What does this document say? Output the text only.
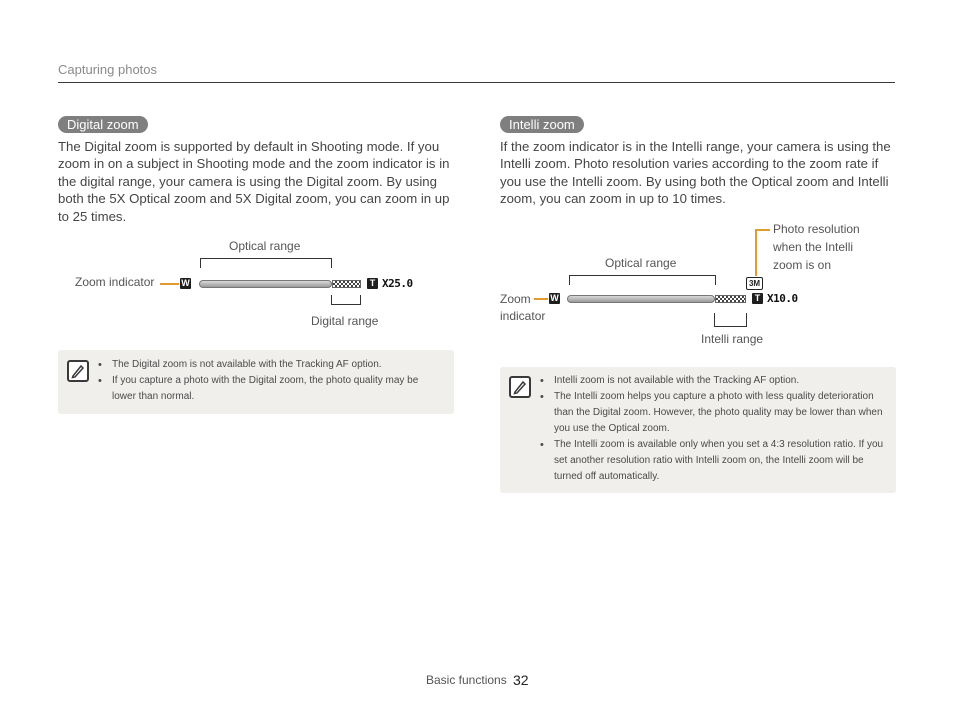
Capturing photos
Digital zoom
The Digital zoom is supported by default in Shooting mode. If you zoom in on a subject in Shooting mode and the zoom indicator is in the digital range, your camera is using the Digital zoom. By using both the 5X Optical zoom and 5X Digital zoom, you can zoom in up to 25 times.
Optical range
Zoom indicator	W	T X25.0
Digital range
• The Digital zoom is not available with the Tracking AF option.
• If you capture a photo with the Digital zoom, the photo quality may be lower than normal.
Intelli zoom
If the zoom indicator is in the Intelli range, your camera is using the Intelli zoom. Photo resolution varies according to the zoom rate if you use the Intelli zoom. By using both the Optical zoom and Intelli zoom, you can zoom in up to 10 times.
Photo resolution
when the Intelli
zoom is on
3M
Optical range
Zoom
indicator
W	T X10.0
Intelli range
• Intelli zoom is not available with the Tracking AF option.
• The Intelli zoom helps you capture a photo with less quality deterioration than the Digital zoom. However, the photo quality may be lower than when you use the Optical zoom.
• The Intelli zoom is available only when you set a 4:3 resolution ratio. If you set another resolution ratio with Intelli zoom on, the Intelli zoom will be turned off automatically.
Basic functions 32
